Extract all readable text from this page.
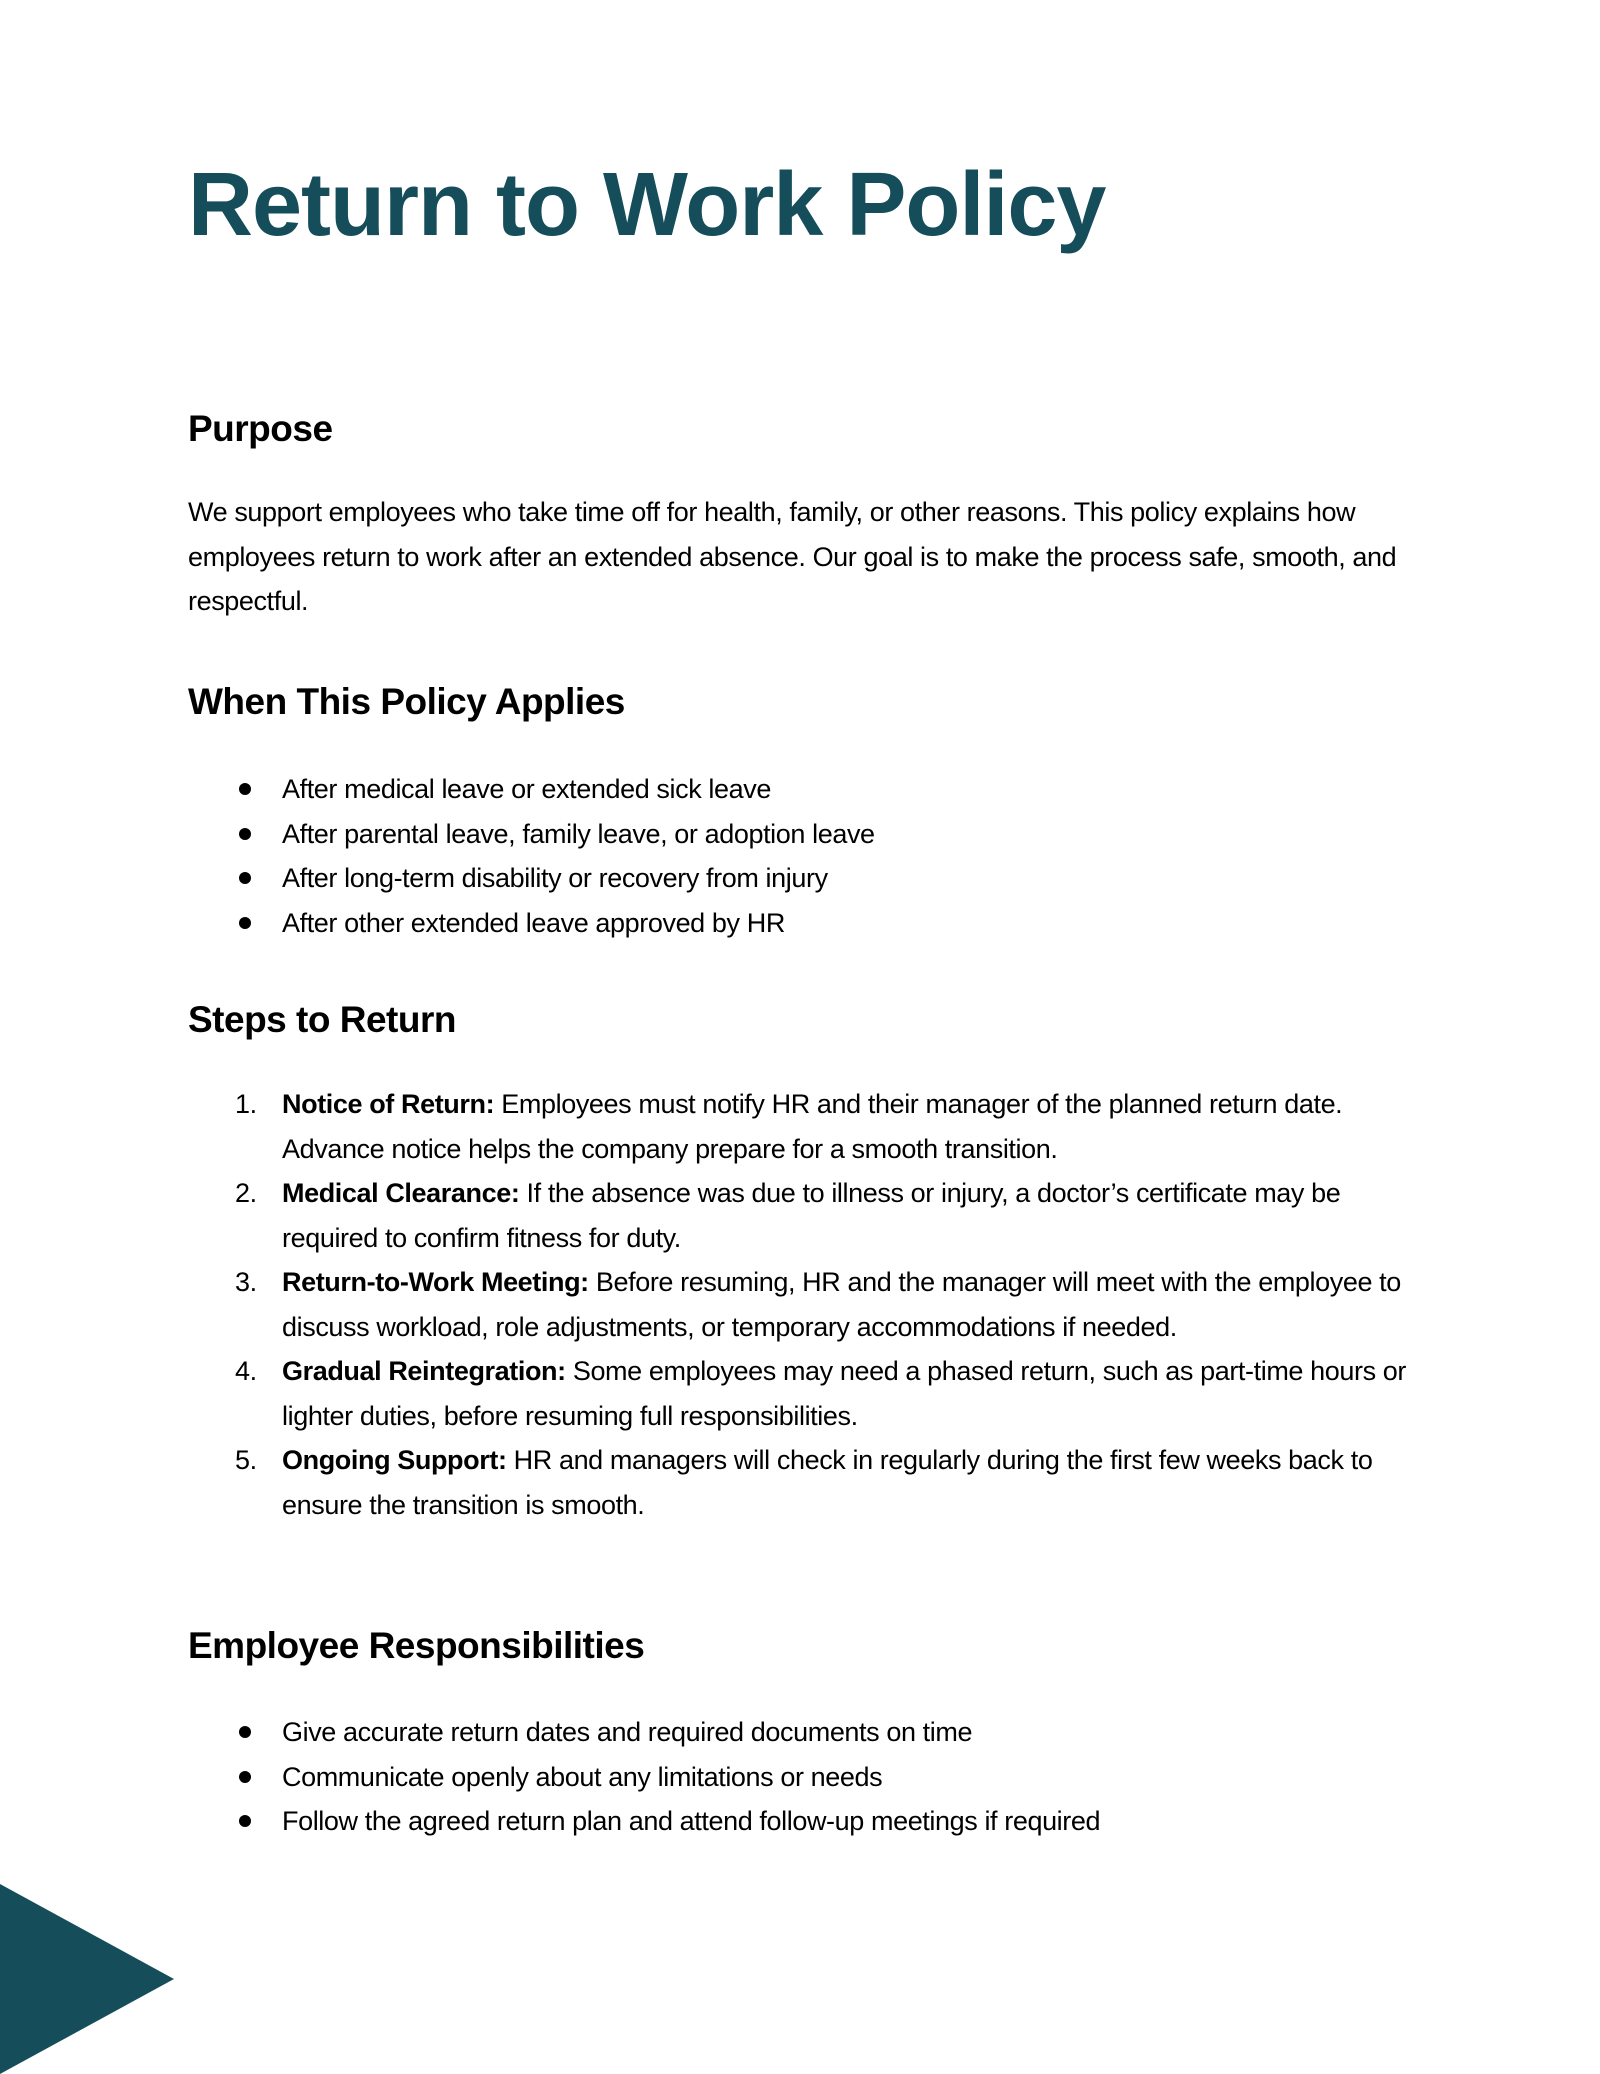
Return to Work Policy
Purpose

We support employees who take time off for health, family, or other reasons. This policy explains how employees return to work after an extended absence. Our goal is to make the process safe, smooth, and respectful.

When This Policy Applies
After medical leave or extended sick leave
After parental leave, family leave, or adoption leave
After long-term disability or recovery from injury
After other extended leave approved by HR
Steps to Return
1. Notice of Return: Employees must notify HR and their manager of the planned return date. Advance notice helps the company prepare for a smooth transition.
2. Medical Clearance: If the absence was due to illness or injury, a doctor’s certificate may be required to confirm fitness for duty.
3. Return-to-Work Meeting: Before resuming, HR and the manager will meet with the employee to discuss workload, role adjustments, or temporary accommodations if needed.
4. Gradual Reintegration: Some employees may need a phased return, such as part-time hours or lighter duties, before resuming full responsibilities.
5. Ongoing Support: HR and managers will check in regularly during the first few weeks back to ensure the transition is smooth.
Employee Responsibilities
Give accurate return dates and required documents on time
Communicate openly about any limitations or needs
Follow the agreed return plan and attend follow-up meetings if required
